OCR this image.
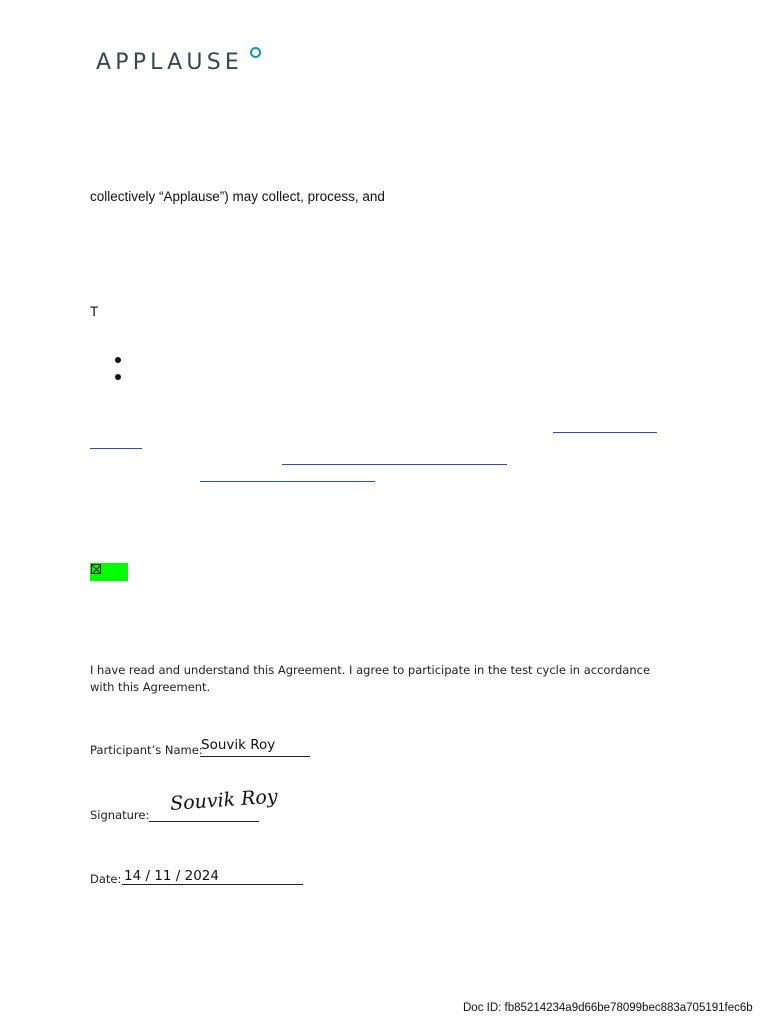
APPLAUSE
collectively “Applause”) may collect, process, and
T
I have read and understand this Agreement. I agree to participate in the test cycle in accordance with this Agreement.
Participant’s Name:
Souvik Roy
Signature: Souvik Roy
Date: 14 / 11 / 2024
Doc ID: fb85214234a9d66be78099bec883a705191fec6b
